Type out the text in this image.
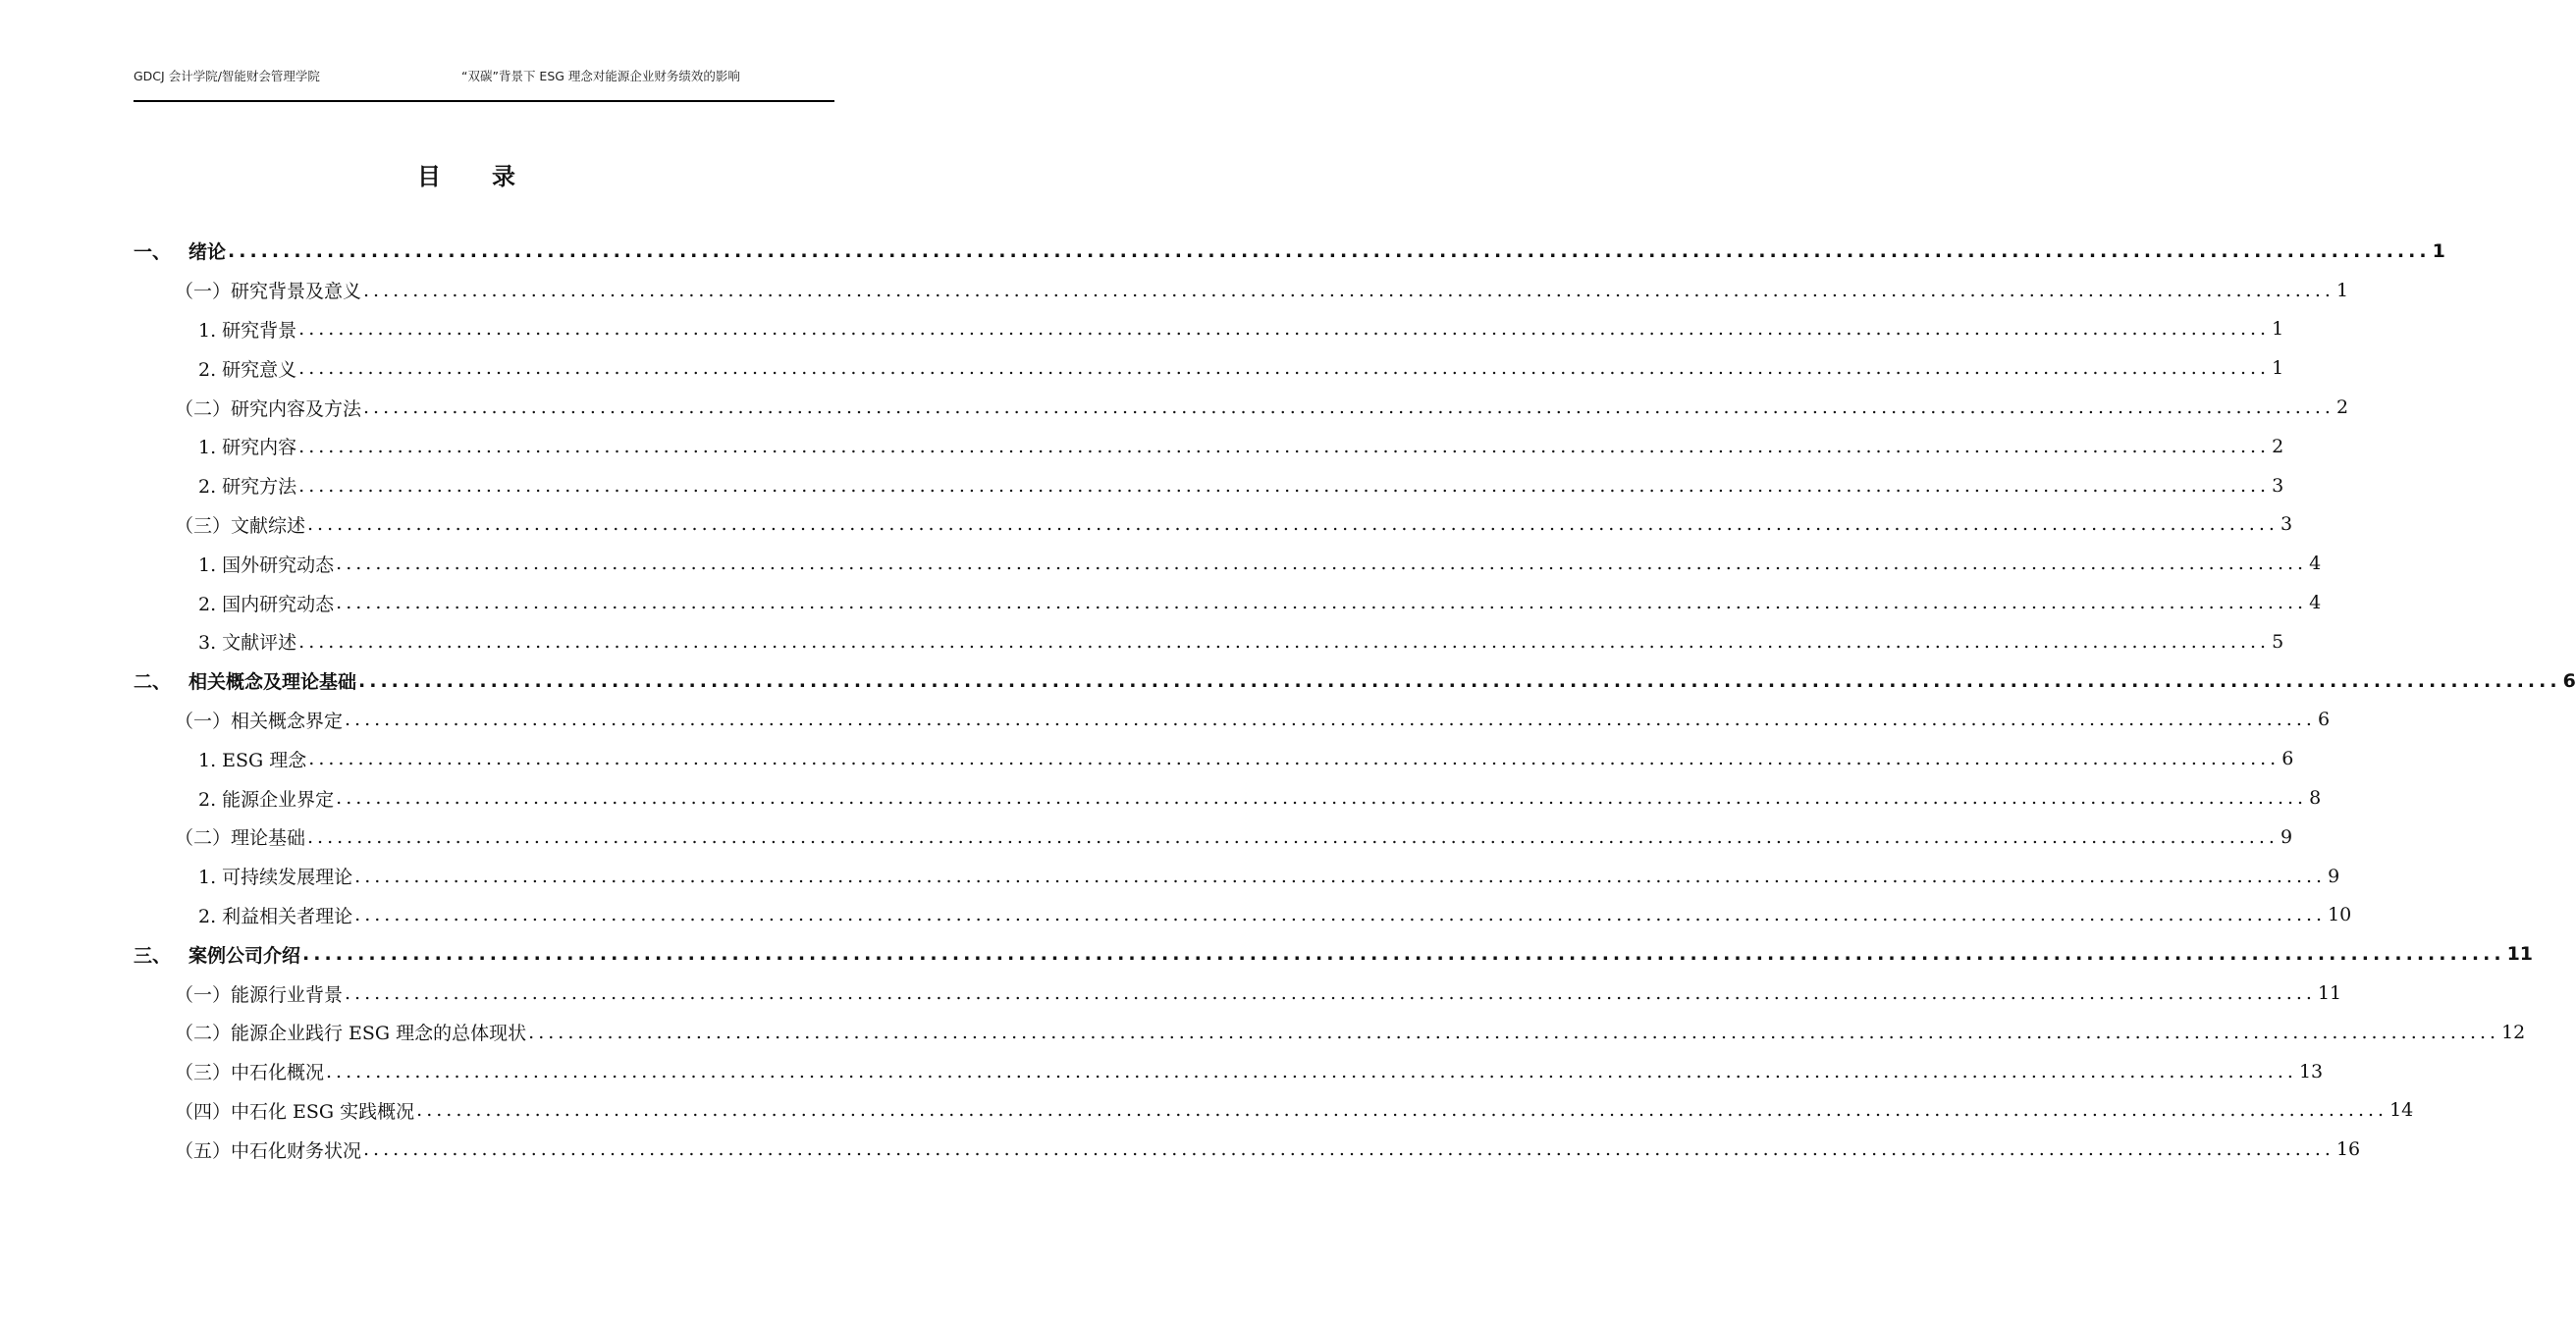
GDCJ 会计学院/智能财会管理学院	“双碳”背景下 ESG 理念对能源企业财务绩效的影响
目　录
一、 绪论 ........................................................................................................................................................................................................ 1
（一）研究背景及意义 ........................................................................................................................................................................................................ 1
1. 研究背景 ........................................................................................................................................................................................................ 1
2. 研究意义 ........................................................................................................................................................................................................ 1
（二）研究内容及方法 ........................................................................................................................................................................................................ 2
1. 研究内容 ........................................................................................................................................................................................................ 2
2. 研究方法 ........................................................................................................................................................................................................ 3
（三）文献综述 ........................................................................................................................................................................................................ 3
1. 国外研究动态 ........................................................................................................................................................................................................ 4
2. 国内研究动态 ........................................................................................................................................................................................................ 4
3. 文献评述 ........................................................................................................................................................................................................ 5
二、 相关概念及理论基础 ........................................................................................................................................................................................................ 6
（一）相关概念界定 ........................................................................................................................................................................................................ 6
1. ESG 理念 ........................................................................................................................................................................................................ 6
2. 能源企业界定 ........................................................................................................................................................................................................ 8
（二）理论基础 ........................................................................................................................................................................................................ 9
1. 可持续发展理论 ........................................................................................................................................................................................................ 9
2. 利益相关者理论 ........................................................................................................................................................................................................ 10
三、 案例公司介绍 ........................................................................................................................................................................................................ 11
（一）能源行业背景 ........................................................................................................................................................................................................ 11
（二）能源企业践行 ESG 理念的总体现状 ........................................................................................................................................................................................................ 12
（三）中石化概况 ........................................................................................................................................................................................................ 13
（四）中石化 ESG 实践概况 ........................................................................................................................................................................................................ 14
（五）中石化财务状况 ........................................................................................................................................................................................................ 16
